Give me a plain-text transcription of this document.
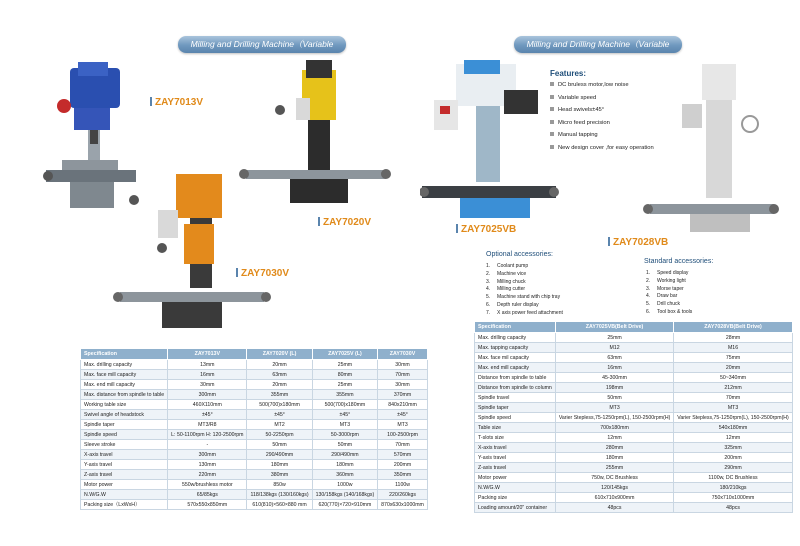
Milling and Drilling Machine（Variable Speed）
ZAY7013V
ZAY7020V
ZAY7030V
Specification	ZAY7013V	ZAY7020V (L)	ZAY7025V (L)	ZAY7030V
Max. drilling capacity	13mm	20mm	25mm	30mm
Max. face mill capacity	16mm	63mm	80mm	70mm
Max. end mill capacity	30mm	20mm	25mm	30mm
Max. distance from spindle to table	300mm	355mm	355mm	370mm
Working table size	460X110mm	500(700)x180mm	500(700)x180mm	840x210mm
Swivel angle of headstock	±45°	±45°	±45°	±45°
Spindle taper	MT3/R8	MT2	MT3	MT3
Spindle speed	L: 50-1100rpm H: 120-2500rpm	50-2250rpm	50-3000rpm	100-2500rpm
Sleeve stroke	-	50mm	50mm	70mm
X-axis travel	300mm	290/490mm	290/490mm	570mm
Y-axis travel	130mm	180mm	180mm	200mm
Z-axis travel	220mm	380mm	360mm	350mm
Motor power	550w/brushless motor	850w	1000w	1100w
N.W/G.W	65/85kgs	118/138kgs (130/160kgs)	130/158kgs (140/168kgs)	220/260kgs
Packing size（LxWxH）	570x550x850mm	610(810)×560×880 mm	620(770)×720×910mm	870x630x1000mm
Milling and Drilling Machine（Variable Speed）
Features:
DC bruless motor,low noise
Variable speed
Head swivels±45°
Micro feed precision
Manual tapping
New design cover ,for easy operation
ZAY7025VB
ZAY7028VB
Optional accessories:
1. Coolant pump
2. Machine vice
3. Milling chuck
4. Milling cutter
5. Machine stand with chip tray
6. Depth ruler display
7. X axis power feed attachment
Standard accessories:
1. Speed display
2. Working light
3. Morse taper
4. Draw bar
5. Drill chuck
6. Tool box & tools
Specification	ZAY7025VB(Belt Drive)	ZAY7028VB(Belt Drive)
Max. drilling capacity	25mm	28mm
Max. tapping capacity	M12	M16
Max. face mil capacity	63mm	75mm
Max. end mill capacity	16mm	20mm
Distance from spindle to table	45-300mm	50~340mm
Distance from spindle to column	198mm	212mm
Spindle travel	50mm	70mm
Spindle taper	MT3	MT3
Spindle speed	Varier Stepless,75-1250rpm(L), 150-2500rpm(H)	Varier Stepless,75-1250rpm(L), 150-2500rpm(H)
Table size	700x180mm	540x180mm
T-slots size	12mm	12mm
X-axis travel	280mm	325mm
Y-axis travel	180mm	200mm
Z-axis travel	255mm	290mm
Motor power	750w, DC Brushless	1100w, DC Brushless
N.W/G.W	120/145kgs	180/210kgs
Packing size	610x710x900mm	750x710x1000mm
Loading amount/20" container	48pcs	48pcs
